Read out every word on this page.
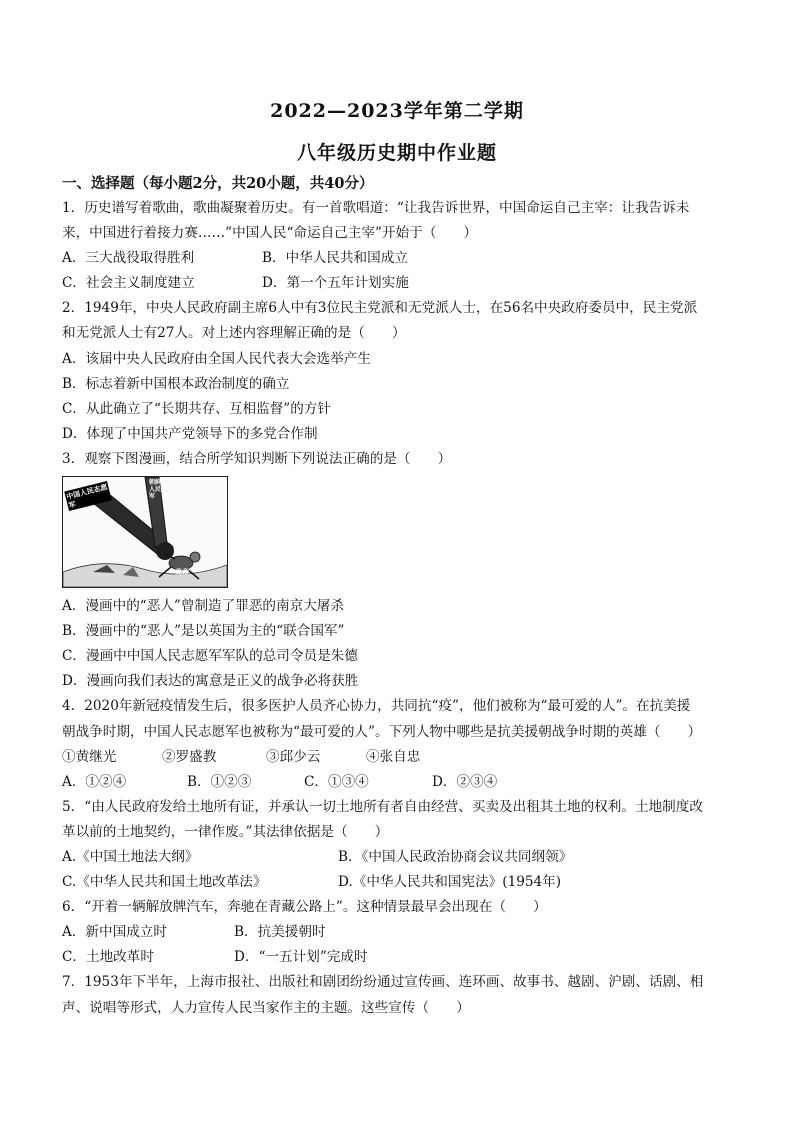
2022—2023学年第二学期
八年级历史期中作业题
一、选择题（每小题2分，共20小题，共40分）
1．历史谱写着歌曲，歌曲凝聚着历史。有一首歌唱道：“让我告诉世界，中国命运自己主宰：让我告诉未
来，中国进行着接力赛……”中国人民“命运自己主宰”开始于（　　）
A．三大战役取得胜利	B．中华人民共和国成立
C．社会主义制度建立	D．第一个五年计划实施
2．1949年，中央人民政府副主席6人中有3位民主党派和无党派人士，在56名中央政府委员中，民主党派
和无党派人士有27人。对上述内容理解正确的是（　　）
A．该届中央人民政府由全国人民代表大会选举产生
B．标志着新中国根本政治制度的确立
C．从此确立了“长期共存、互相监督”的方针
D．体现了中国共产党领导下的多党合作制
3．观察下图漫画，结合所学知识判断下列说法正确的是（　　）
中国人民志愿军
朝鲜人民军
美帝
A．漫画中的“恶人”曾制造了罪恶的南京大屠杀
B．漫画中的“恶人”是以英国为主的“联合国军”
C．漫画中中国人民志愿军军队的总司令员是朱德
D．漫画向我们表达的寓意是正义的战争必将获胜
4．2020年新冠疫情发生后，很多医护人员齐心协力，共同抗“疫”，他们被称为“最可爱的人”。在抗美援
朝战争时期，中国人民志愿军也被称为“最可爱的人”。下列人物中哪些是抗美援朝战争时期的英雄（　　）
①黄继光	②罗盛教	③邱少云	④张自忠
A．①②④	B．①②③	C．①③④	D．②③④
5．“由人民政府发给土地所有证，并承认一切土地所有者自由经营、买卖及出租其土地的权利。土地制度改
革以前的土地契约，一律作废。”其法律依据是（　　）
A.《中国土地法大纲》	B．《中国人民政治协商会议共同纲领》
C.《中华人民共和国土地改革法》	D.《中华人民共和国宪法》(1954年)
6．“开着一辆解放牌汽车，奔驰在青藏公路上”。这种情景最早会出现在（　　）
A．新中国成立时	B．抗美援朝时
C．土地改革时	D．“一五计划”完成时
7．1953年下半年，上海市报社、出版社和剧团纷纷通过宣传画、连环画、故事书、越剧、沪剧、话剧、相
声、说唱等形式，人力宣传人民当家作主的主题。这些宣传（　　）
